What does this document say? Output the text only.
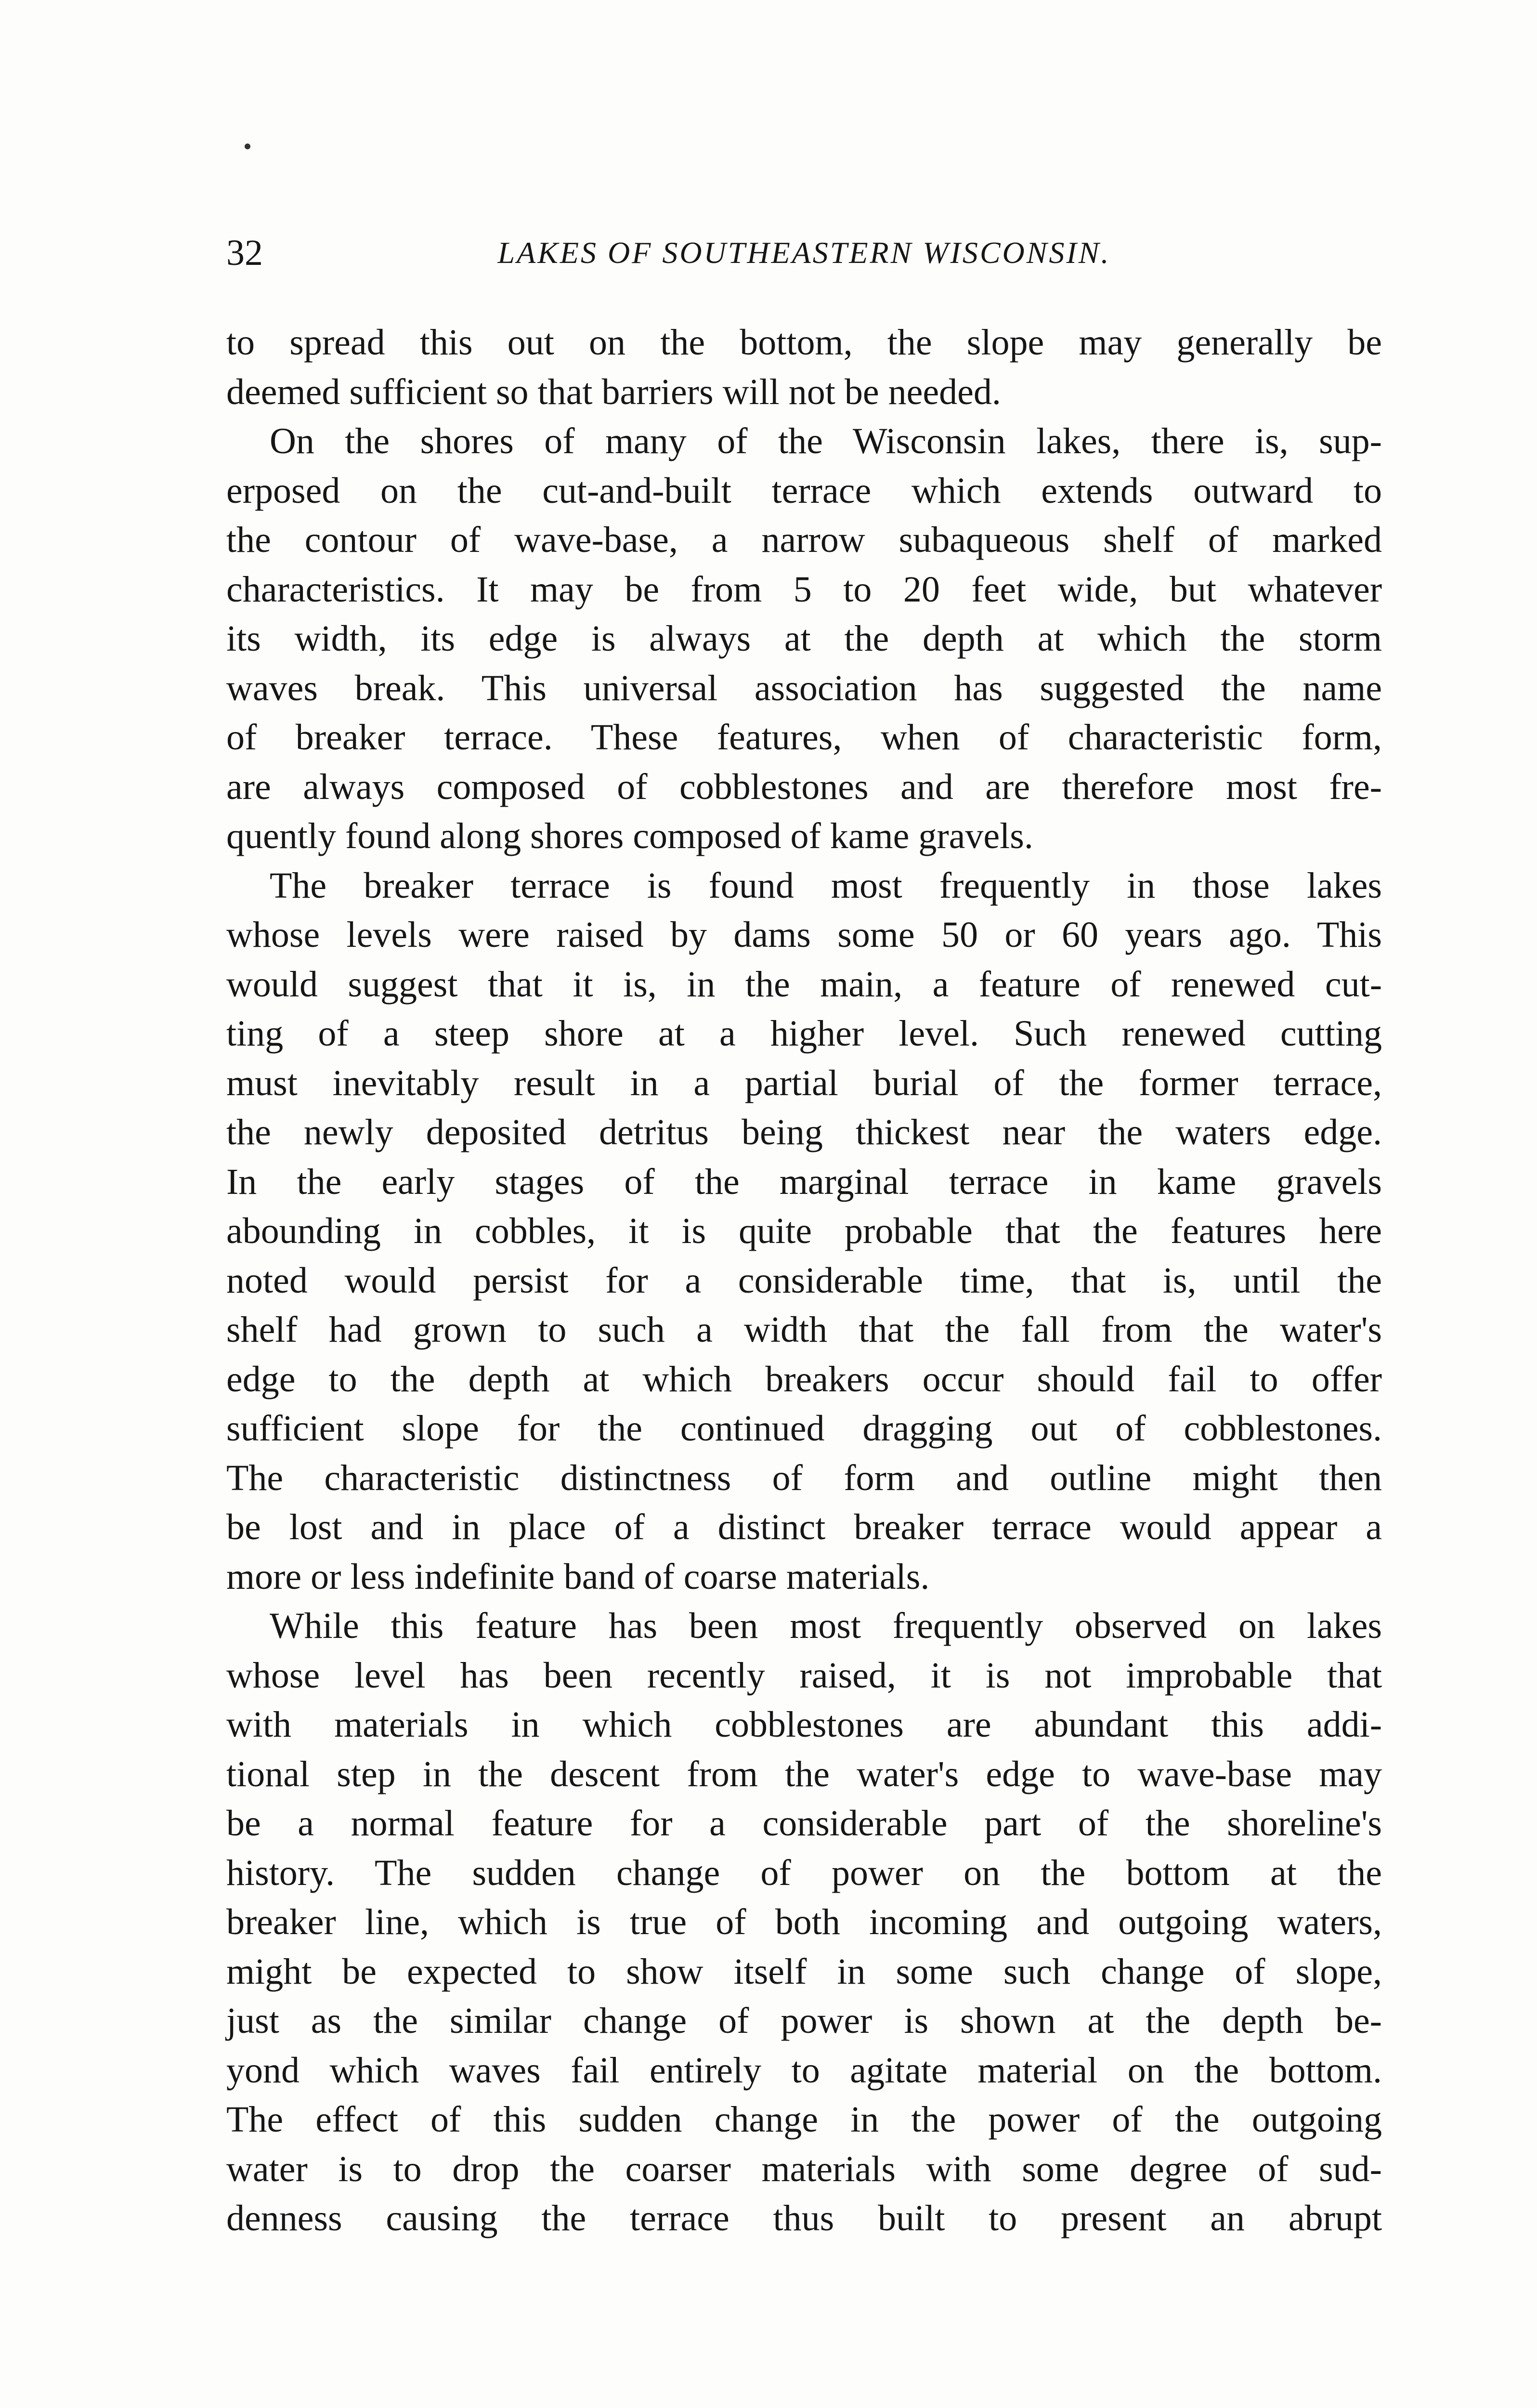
32	LAKES OF SOUTHEASTERN WISCONSIN.
to spread this out on the bottom, the slope may generally be
deemed sufficient so that barriers will not be needed.
On the shores of many of the Wisconsin lakes, there is, sup-
erposed on the cut-and-built terrace which extends outward to
the contour of wave-base, a narrow subaqueous shelf of marked
characteristics. It may be from 5 to 20 feet wide, but whatever
its width, its edge is always at the depth at which the storm
waves break. This universal association has suggested the name
of breaker terrace. These features, when of characteristic form,
are always composed of cobblestones and are therefore most fre-
quently found along shores composed of kame gravels.
The breaker terrace is found most frequently in those lakes
whose levels were raised by dams some 50 or 60 years ago. This
would suggest that it is, in the main, a feature of renewed cut-
ting of a steep shore at a higher level. Such renewed cutting
must inevitably result in a partial burial of the former terrace,
the newly deposited detritus being thickest near the waters edge.
In the early stages of the marginal terrace in kame gravels
abounding in cobbles, it is quite probable that the features here
noted would persist for a considerable time, that is, until the
shelf had grown to such a width that the fall from the water's
edge to the depth at which breakers occur should fail to offer
sufficient slope for the continued dragging out of cobblestones.
The characteristic distinctness of form and outline might then
be lost and in place of a distinct breaker terrace would appear a
more or less indefinite band of coarse materials.
While this feature has been most frequently observed on lakes
whose level has been recently raised, it is not improbable that
with materials in which cobblestones are abundant this addi-
tional step in the descent from the water's edge to wave-base may
be a normal feature for a considerable part of the shoreline's
history. The sudden change of power on the bottom at the
breaker line, which is true of both incoming and outgoing waters,
might be expected to show itself in some such change of slope,
just as the similar change of power is shown at the depth be-
yond which waves fail entirely to agitate material on the bottom.
The effect of this sudden change in the power of the outgoing
water is to drop the coarser materials with some degree of sud-
denness causing the terrace thus built to present an abrupt
